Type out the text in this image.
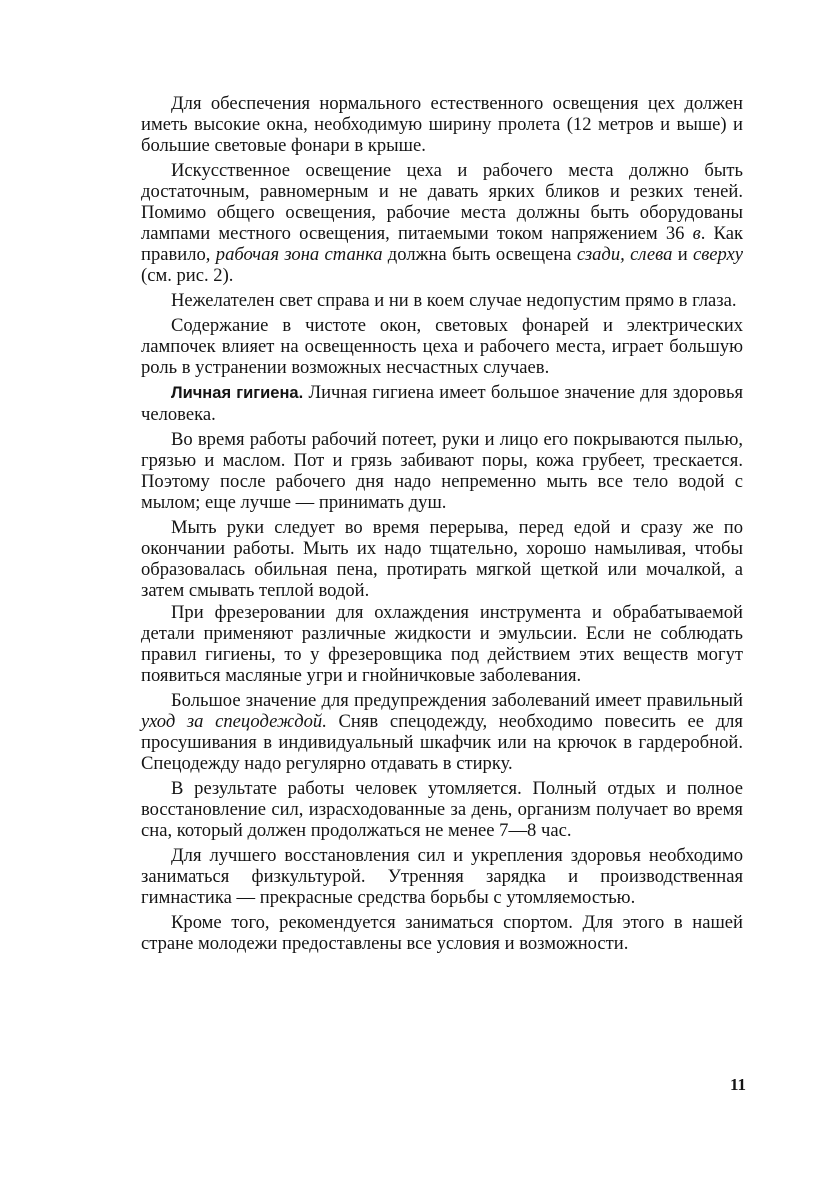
Для обеспечения нормального естественного освещения цех должен иметь высокие окна, необходимую ширину пролета (12 метров и выше) и большие световые фонари в крыше.

Искусственное освещение цеха и рабочего места должно быть достаточным, равномерным и не давать ярких бликов и резких теней. Помимо общего освещения, рабочие места должны быть оборудованы лампами местного освещения, питаемыми током напряжением 36 в. Как правило, рабочая зона станка должна быть освещена сзади, слева и сверху (см. рис. 2).

Нежелателен свет справа и ни в коем случае недопустим прямо в глаза.

Содержание в чистоте окон, световых фонарей и электрических лампочек влияет на освещенность цеха и рабочего места, играет большую роль в устранении возможных несчастных случаев.

Личная гигиена. Личная гигиена имеет большое значение для здоровья человека.

Во время работы рабочий потеет, руки и лицо его покрываются пылью, грязью и маслом. Пот и грязь забивают поры, кожа грубеет, трескается. Поэтому после рабочего дня надо непременно мыть все тело водой с мылом; еще лучше — принимать душ.

Мыть руки следует во время перерыва, перед едой и сразу же по окончании работы. Мыть их надо тщательно, хорошо намыливая, чтобы образовалась обильная пена, протирать мягкой щеткой или мочалкой, а затем смывать теплой водой.

При фрезеровании для охлаждения инструмента и обрабатываемой детали применяют различные жидкости и эмульсии. Если не соблюдать правил гигиены, то у фрезеровщика под действием этих веществ могут появиться масляные угри и гнойничковые заболевания.

Большое значение для предупреждения заболеваний имеет правильный уход за спецодеждой. Сняв спецодежду, необходимо повесить ее для просушивания в индивидуальный шкафчик или на крючок в гардеробной. Спецодежду надо регулярно отдавать в стирку.

В результате работы человек утомляется. Полный отдых и полное восстановление сил, израсходованные за день, организм получает во время сна, который должен продолжаться не менее 7—8 час.

Для лучшего восстановления сил и укрепления здоровья необходимо заниматься физкультурой. Утренняя зарядка и производственная гимнастика — прекрасные средства борьбы с утомляемостью.

Кроме того, рекомендуется заниматься спортом. Для этого в нашей стране молодежи предоставлены все условия и возможности.

11
